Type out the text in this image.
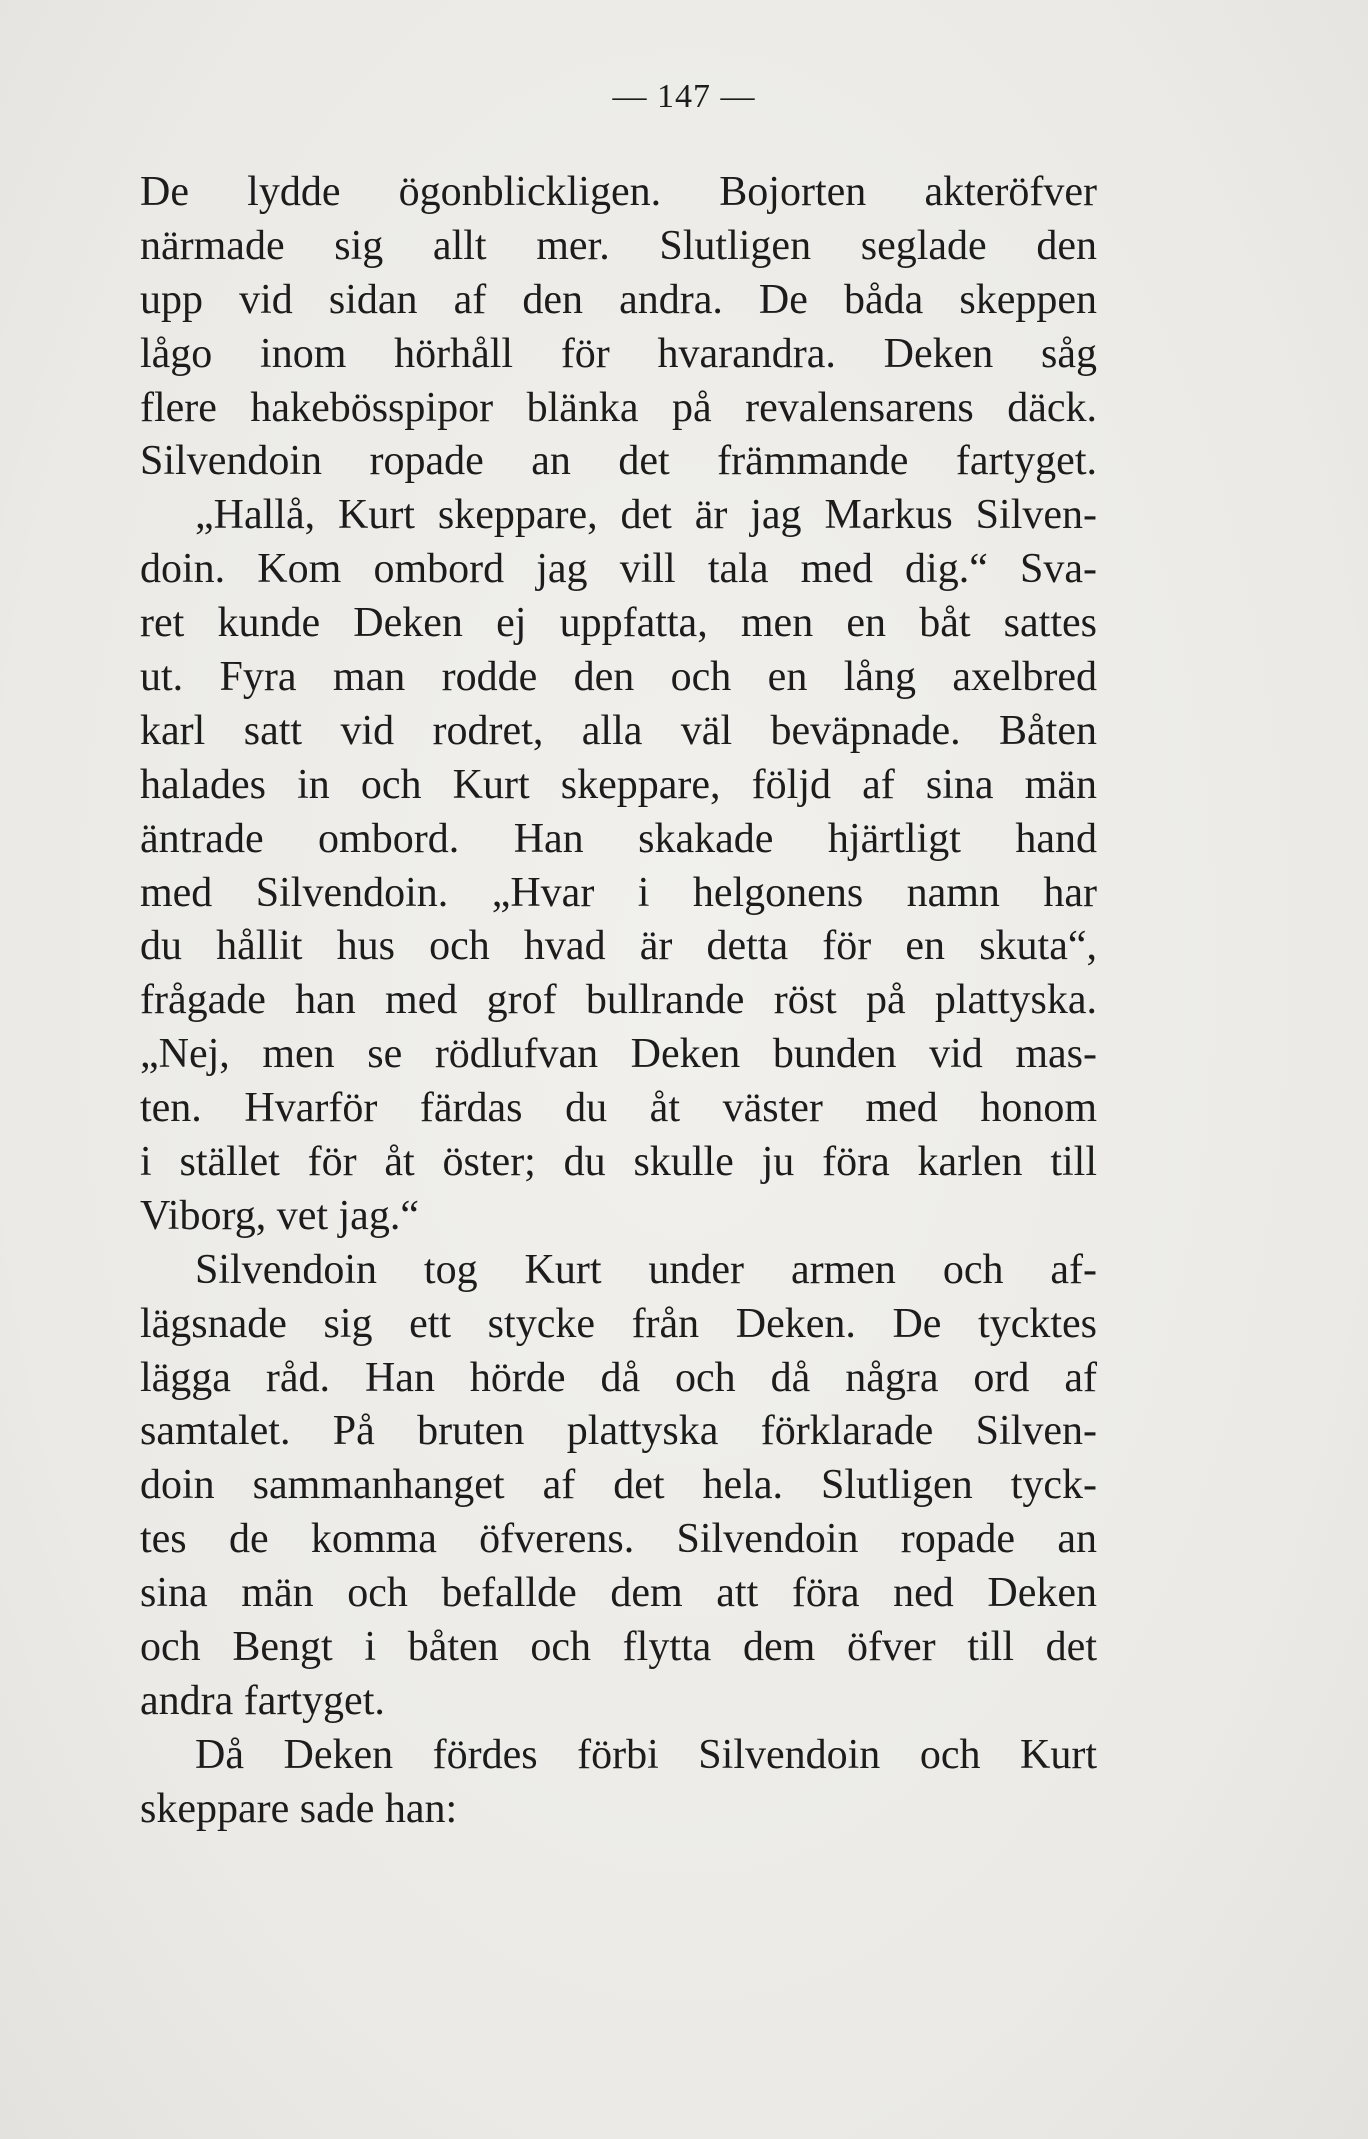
— 147 —
De lydde ögonblickligen. Bojorten akteröfver
närmade sig allt mer. Slutligen seglade den
upp vid sidan af den andra. De båda skeppen
lågo inom hörhåll för hvarandra. Deken såg
flere hakebösspipor blänka på revalensarens däck.
Silvendoin ropade an det främmande fartyget.
„Hallå, Kurt skeppare, det är jag Markus Silven-
doin. Kom ombord jag vill tala med dig.“ Sva-
ret kunde Deken ej uppfatta, men en båt sattes
ut. Fyra man rodde den och en lång axelbred
karl satt vid rodret, alla väl beväpnade. Båten
halades in och Kurt skeppare, följd af sina män
äntrade ombord. Han skakade hjärtligt hand
med Silvendoin. „Hvar i helgonens namn har
du hållit hus och hvad är detta för en skuta“,
frågade han med grof bullrande röst på plattyska.
„Nej, men se rödlufvan Deken bunden vid mas-
ten. Hvarför färdas du åt väster med honom
i stället för åt öster; du skulle ju föra karlen till
Viborg, vet jag.“
Silvendoin tog Kurt under armen och af-
lägsnade sig ett stycke från Deken. De tycktes
lägga råd. Han hörde då och då några ord af
samtalet. På bruten plattyska förklarade Silven-
doin sammanhanget af det hela. Slutligen tyck-
tes de komma öfverens. Silvendoin ropade an
sina män och befallde dem att föra ned Deken
och Bengt i båten och flytta dem öfver till det
andra fartyget.
Då Deken fördes förbi Silvendoin och Kurt
skeppare sade han:
